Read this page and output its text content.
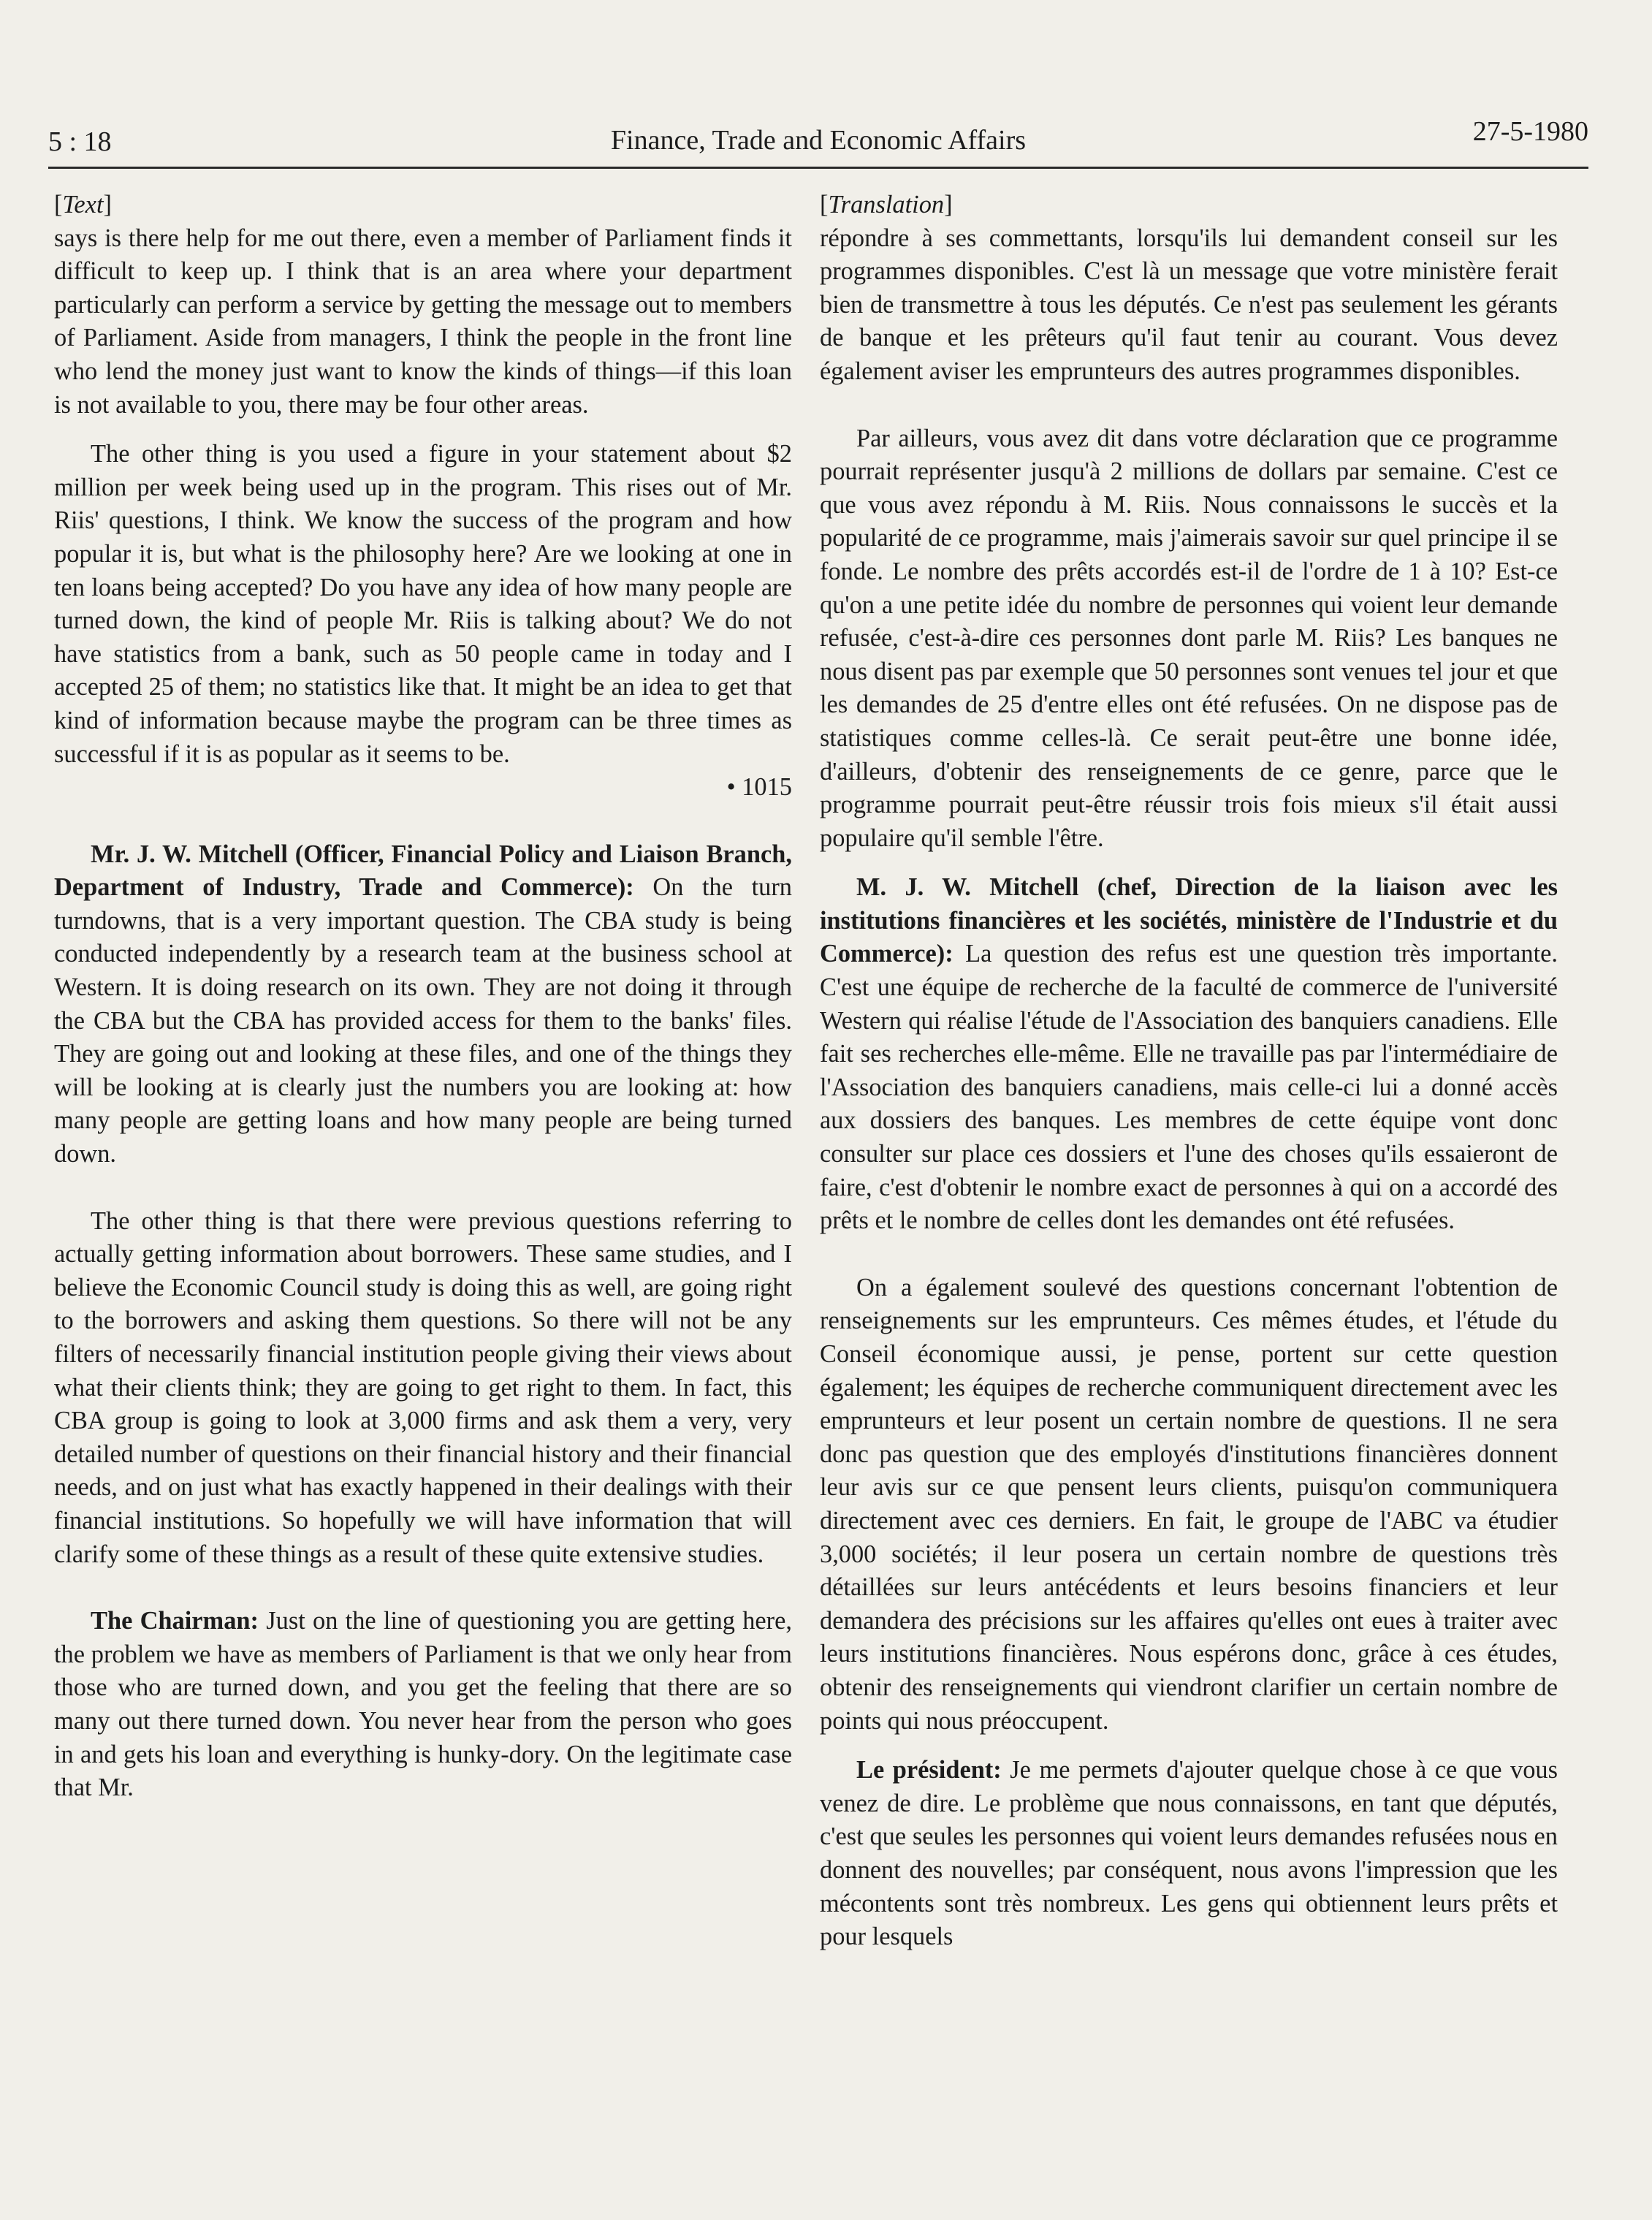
5 : 18	Finance, Trade and Economic Affairs	27-5-1980

[Text]

says is there help for me out there, even a member of Parliament finds it difficult to keep up. I think that is an area where your department particularly can perform a service by getting the message out to members of Parliament. Aside from managers, I think the people in the front line who lend the money just want to know the kinds of things—if this loan is not available to you, there may be four other areas.

The other thing is you used a figure in your statement about $2 million per week being used up in the program. This rises out of Mr. Riis' questions, I think. We know the success of the program and how popular it is, but what is the philosophy here? Are we looking at one in ten loans being accepted? Do you have any idea of how many people are turned down, the kind of people Mr. Riis is talking about? We do not have statistics from a bank, such as 50 people came in today and I accepted 25 of them; no statistics like that. It might be an idea to get that kind of information because maybe the program can be three times as successful if it is as popular as it seems to be.

• 1015

Mr. J. W. Mitchell (Officer, Financial Policy and Liaison Branch, Department of Industry, Trade and Commerce): On the turn turndowns, that is a very important question. The CBA study is being conducted independently by a research team at the business school at Western. It is doing research on its own. They are not doing it through the CBA but the CBA has provided access for them to the banks' files. They are going out and looking at these files, and one of the things they will be looking at is clearly just the numbers you are looking at: how many people are getting loans and how many people are being turned down.

The other thing is that there were previous questions referring to actually getting information about borrowers. These same studies, and I believe the Economic Council study is doing this as well, are going right to the borrowers and asking them questions. So there will not be any filters of necessarily financial institution people giving their views about what their clients think; they are going to get right to them. In fact, this CBA group is going to look at 3,000 firms and ask them a very, very detailed number of questions on their financial history and their financial needs, and on just what has exactly happened in their dealings with their financial institutions. So hopefully we will have information that will clarify some of these things as a result of these quite extensive studies.

The Chairman: Just on the line of questioning you are getting here, the problem we have as members of Parliament is that we only hear from those who are turned down, and you get the feeling that there are so many out there turned down. You never hear from the person who goes in and gets his loan and everything is hunky-dory. On the legitimate case that Mr.

[Translation]

répondre à ses commettants, lorsqu'ils lui demandent conseil sur les programmes disponibles. C'est là un message que votre ministère ferait bien de transmettre à tous les députés. Ce n'est pas seulement les gérants de banque et les prêteurs qu'il faut tenir au courant. Vous devez également aviser les emprunteurs des autres programmes disponibles.

Par ailleurs, vous avez dit dans votre déclaration que ce programme pourrait représenter jusqu'à 2 millions de dollars par semaine. C'est ce que vous avez répondu à M. Riis. Nous connaissons le succès et la popularité de ce programme, mais j'aimerais savoir sur quel principe il se fonde. Le nombre des prêts accordés est-il de l'ordre de 1 à 10? Est-ce qu'on a une petite idée du nombre de personnes qui voient leur demande refusée, c'est-à-dire ces personnes dont parle M. Riis? Les banques ne nous disent pas par exemple que 50 personnes sont venues tel jour et que les demandes de 25 d'entre elles ont été refusées. On ne dispose pas de statistiques comme celles-là. Ce serait peut-être une bonne idée, d'ailleurs, d'obtenir des renseignements de ce genre, parce que le programme pourrait peut-être réussir trois fois mieux s'il était aussi populaire qu'il semble l'être.

M. J. W. Mitchell (chef, Direction de la liaison avec les institutions financières et les sociétés, ministère de l'Industrie et du Commerce): La question des refus est une question très importante. C'est une équipe de recherche de la faculté de commerce de l'université Western qui réalise l'étude de l'Association des banquiers canadiens. Elle fait ses recherches elle-même. Elle ne travaille pas par l'intermédiaire de l'Association des banquiers canadiens, mais celle-ci lui a donné accès aux dossiers des banques. Les membres de cette équipe vont donc consulter sur place ces dossiers et l'une des choses qu'ils essaieront de faire, c'est d'obtenir le nombre exact de personnes à qui on a accordé des prêts et le nombre de celles dont les demandes ont été refusées.

On a également soulevé des questions concernant l'obtention de renseignements sur les emprunteurs. Ces mêmes études, et l'étude du Conseil économique aussi, je pense, portent sur cette question également; les équipes de recherche communiquent directement avec les emprunteurs et leur posent un certain nombre de questions. Il ne sera donc pas question que des employés d'institutions financières donnent leur avis sur ce que pensent leurs clients, puisqu'on communiquera directement avec ces derniers. En fait, le groupe de l'ABC va étudier 3,000 sociétés; il leur posera un certain nombre de questions très détaillées sur leurs antécédents et leurs besoins financiers et leur demandera des précisions sur les affaires qu'elles ont eues à traiter avec leurs institutions financières. Nous espérons donc, grâce à ces études, obtenir des renseignements qui viendront clarifier un certain nombre de points qui nous préoccupent.

Le président: Je me permets d'ajouter quelque chose à ce que vous venez de dire. Le problème que nous connaissons, en tant que députés, c'est que seules les personnes qui voient leurs demandes refusées nous en donnent des nouvelles; par conséquent, nous avons l'impression que les mécontents sont très nombreux. Les gens qui obtiennent leurs prêts et pour lesquels
